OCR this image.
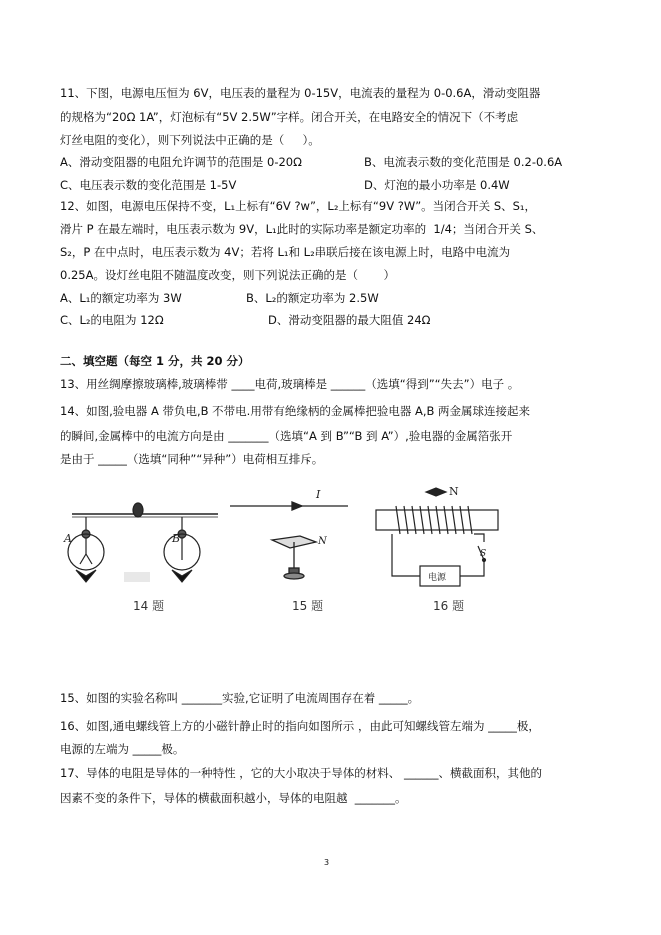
11、下图，电源电压恒为 6V，电压表的量程为 0-15V，电流表的量程为 0-0.6A，滑动变阻器
的规格为“20Ω 1A”，灯泡标有“5V 2.5W”字样。闭合开关，在电路安全的情况下（不考虑
灯丝电阻的变化），则下列说法中正确的是（     ）。
A、滑动变阻器的电阻允许调节的范围是 0-20Ω	B、电流表示数的变化范围是 0.2-0.6A
C、电压表示数的变化范围是 1-5V	D、灯泡的最小功率是 0.4W
12、如图，电源电压保持不变，L₁上标有“6V ?w”，L₂上标有“9V ?W”。当闭合开关 S、S₁，
滑片 P 在最左端时，电压表示数为 9V，L₁此时的实际功率是额定功率的  1/4；当闭合开关 S、
S₂，P 在中点时，电压表示数为 4V；若将 L₁和 L₂串联后接在该电源上时，电路中电流为
0.25A。设灯丝电阻不随温度改变，则下列说法正确的是（       ）
A、L₁的额定功率为 3W	B、L₂的额定功率为 2.5W
C、L₂的电阻为 12Ω	D、滑动变阻器的最大阻值 24Ω
二、填空题（每空 1 分，共 20 分）
13、用丝绸摩擦玻璃棒,玻璃棒带 ____电荷,玻璃棒是 ______（选填“得到”“失去”）电子 。
14、如图,验电器 A 带负电,B 不带电.用带有绝缘柄的金属棒把验电器 A,B 两金属球连接起来
的瞬间,金属棒中的电流方向是由 _______（选填“A 到 B”“B 到 A”）,验电器的金属箔张开
是由于 _____（选填“同种”“异种”）电荷相互排斥。
A	B
I
N
N
S
电源
14 题	15 题	16 题
15、如图的实验名称叫 _______实验,它证明了电流周围存在着 _____。
16、如图,通电螺线管上方的小磁针静止时的指向如图所示 ，由此可知螺线管左端为 _____极，
电源的左端为 _____极。
17、导体的电阻是导体的一种特性 ，它的大小取决于导体的材料、 ______、横截面积，其他的
因素不变的条件下，导体的横截面积越小，导体的电阻越  _______。
3
